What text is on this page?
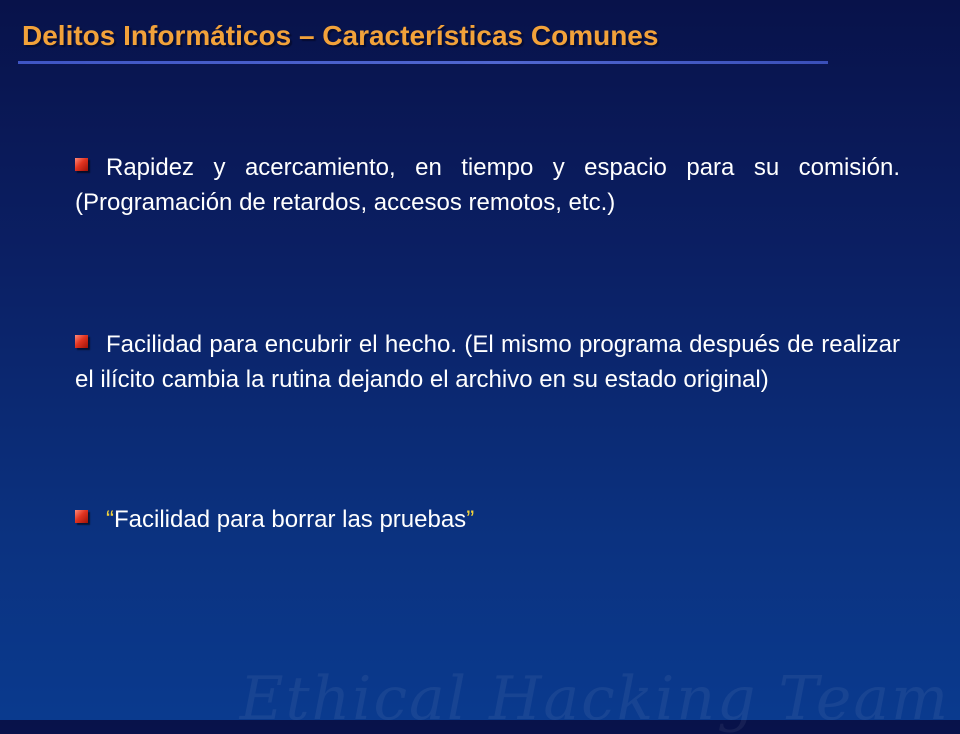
Delitos Informáticos – Características Comunes
Rapidez y acercamiento, en tiempo y espacio para su comisión. (Programación de retardos, accesos remotos, etc.)
Facilidad para encubrir el hecho. (El mismo programa después de realizar el ilícito cambia la rutina dejando el archivo en su estado original)
“Facilidad para borrar las pruebas”
Ethical Hacking Team
